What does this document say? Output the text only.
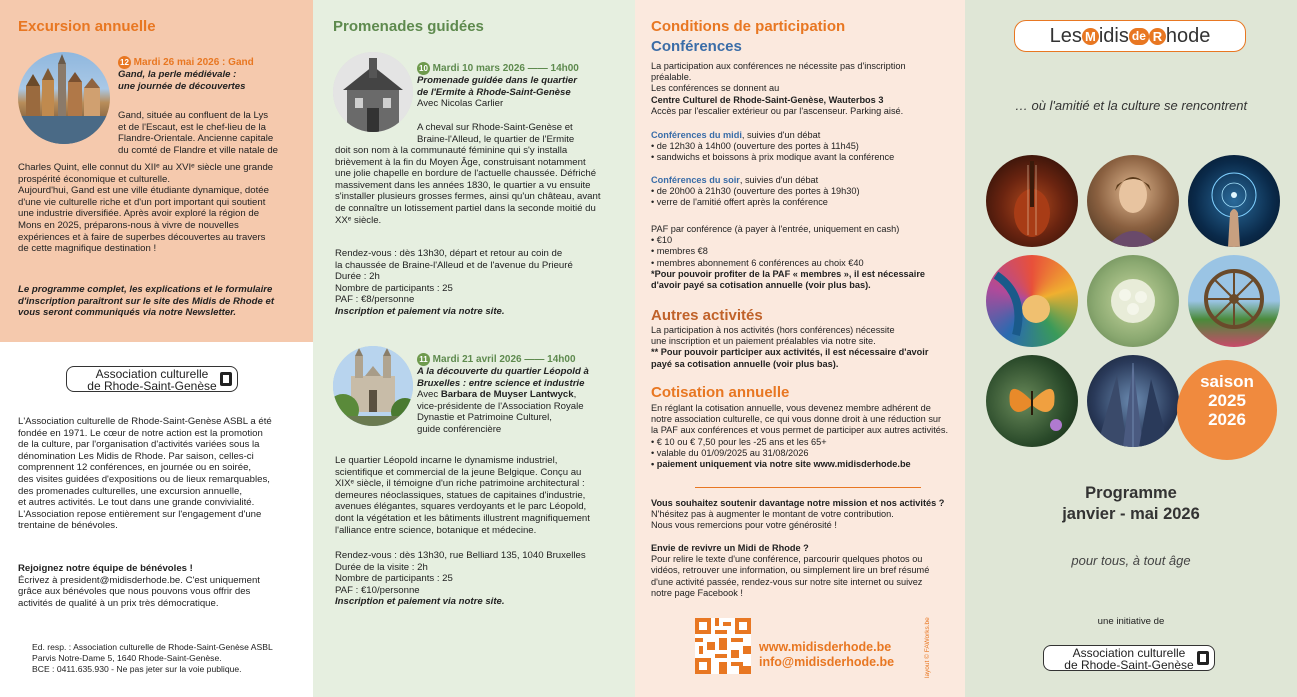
Excursion annuelle
12 Mardi 26 mai 2026 : Gand
Gand, la perle médiévale :
une journée de découvertes
Gand, située au confluent de la Lys
et de l'Escaut, est le chef-lieu de la
Flandre-Orientale. Ancienne capitale
du comté de Flandre et ville natale de
Charles Quint, elle connut du XIIᵉ au XVIᵉ siècle une grande
prospérité économique et culturelle.
Aujourd'hui, Gand est une ville étudiante dynamique, dotée
d'une vie culturelle riche et d'un port important qui soutient
une industrie diversifiée. Après avoir exploré la région de
Mons en 2025, préparons-nous à vivre de nouvelles
expériences et à faire de superbes découvertes au travers
de cette magnifique destination !
Le programme complet, les explications et le formulaire
d'inscription paraîtront sur le site des Midis de Rhode et
vous seront communiqués via notre Newsletter.
Association culturelle
de Rhode-Saint-Genèse
L'Association culturelle de Rhode-Saint-Genèse ASBL a été
fondée en 1971. Le cœur de notre action est la promotion
de la culture, par l'organisation d'activités variées sous la
dénomination Les Midis de Rhode. Par saison, celles-ci
comprennent 12 conférences, en journée ou en soirée,
des visites guidées d'expositions ou de lieux remarquables,
des promenades culturelles, une excursion annuelle,
et autres activités. Le tout dans une grande convivialité.
L'Association repose entièrement sur l'engagement d'une
trentaine de bénévoles.
Rejoignez notre équipe de bénévoles !
Écrivez à president@midisderhode.be. C'est uniquement
grâce aux bénévoles que nous pouvons vous offrir des
activités de qualité à un prix très démocratique.
Ed. resp. : Association culturelle de Rhode-Saint-Genèse ASBL
Parvis Notre-Dame 5, 1640 Rhode-Saint-Genèse.
BCE : 0411.635.930 - Ne pas jeter sur la voie publique.
Promenades guidées
10 Mardi 10 mars 2026 —— 14h00
Promenade guidée dans le quartier
de l'Ermite à Rhode-Saint-Genèse
Avec Nicolas Carlier
A cheval sur Rhode-Saint-Genèse et
Braine-l'Alleud, le quartier de l'Ermite
doit son nom à la communauté féminine qui s'y installa
brièvement à la fin du Moyen Âge, construisant notamment
une jolie chapelle en bordure de l'actuelle chaussée. Défriché
massivement dans les années 1830, le quartier a vu ensuite
s'installer plusieurs grosses fermes, ainsi qu'un château, avant
de connaître un lotissement partiel dans la seconde moitié du
XXᵉ siècle.
Rendez-vous : dès 13h30, départ et retour au coin de
la chaussée de Braine-l'Alleud et de l'avenue du Prieuré
Durée : 2h
Nombre de participants : 25
PAF : €8/personne
Inscription et paiement via notre site.
11 Mardi 21 avril 2026 —— 14h00
A la découverte du quartier Léopold à
Bruxelles : entre science et industrie
Avec Barbara de Muyser Lantwyck,
vice-présidente de l'Association Royale
Dynastie et Patrimoine Culturel,
guide conférencière
Le quartier Léopold incarne le dynamisme industriel,
scientifique et commercial de la jeune Belgique. Conçu au
XIXᵉ siècle, il témoigne d'un riche patrimoine architectural :
demeures néoclassiques, statues de capitaines d'industrie,
avenues élégantes, squares verdoyants et le parc Léopold,
dont la végétation et les bâtiments illustrent magnifiquement
l'alliance entre science, botanique et médecine.
Rendez-vous : dès 13h30, rue Belliard 135, 1040 Bruxelles
Durée de la visite : 2h
Nombre de participants : 25
PAF : €10/personne
Inscription et paiement via notre site.
Conditions de participation
Conférences
La participation aux conférences ne nécessite pas d'inscription
préalable.
Les conférences se donnent au
Centre Culturel de Rhode-Saint-Genèse, Wauterbos 3
Accès par l'escalier extérieur ou par l'ascenseur. Parking aisé.
Conférences du midi, suivies d'un débat
• de 12h30 à 14h00 (ouverture des portes à 11h45)
• sandwichs et boissons à prix modique avant la conférence
Conférences du soir, suivies d'un débat
• de 20h00 à 21h30 (ouverture des portes à 19h30)
• verre de l'amitié offert après la conférence
PAF par conférence (à payer à l'entrée, uniquement en cash)
• €10
• membres €8
• membres abonnement 6 conférences au choix €40
*Pour pouvoir profiter de la PAF « membres », il est nécessaire
d'avoir payé sa cotisation annuelle (voir plus bas).
Autres activités
La participation à nos activités (hors conférences) nécessite
une inscription et un paiement préalables via notre site.
** Pour pouvoir participer aux activités, il est nécessaire d'avoir
payé sa cotisation annuelle (voir plus bas).
Cotisation annuelle
En réglant la cotisation annuelle, vous devenez membre adhérent de
notre association culturelle, ce qui vous donne droit à une réduction sur
la PAF aux conférences et vous permet de participer aux autres activités.
• € 10 ou € 7,50 pour les -25 ans et les 65+
• valable du 01/09/2025 au 31/08/2026
• paiement uniquement via notre site www.midisderhode.be
Vous souhaitez soutenir davantage notre mission et nos activités ?
N'hésitez pas à augmenter le montant de votre contribution.
Nous vous remercions pour votre générosité !
Envie de revivre un Midi de Rhode ?
Pour relire le texte d'une conférence, parcourir quelques photos ou
vidéos, retrouver une information, ou simplement lire un bref résumé
d'une activité passée, rendez-vous sur notre site internet ou suivez
notre page Facebook !
www.midisderhode.be
info@midisderhode.be	layout © FAWorks.be
Les M idis de R hode
… où l'amitié et la culture se rencontrent
saison
2025
2026
Programme
janvier - mai 2026
pour tous, à tout âge
une initiative de
Association culturelle
de Rhode-Saint-Genèse
